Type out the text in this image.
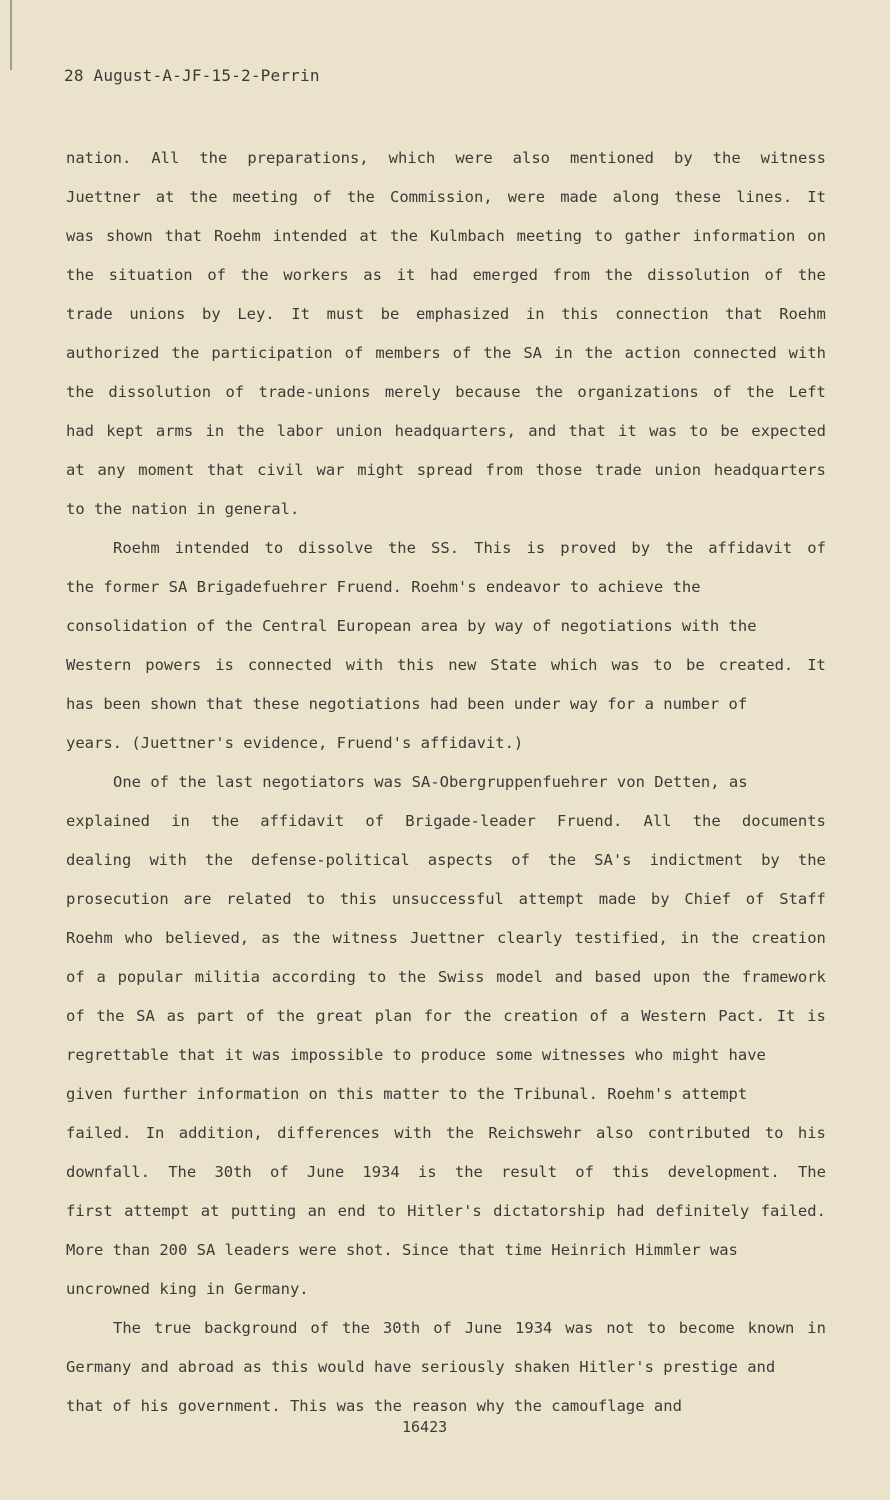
28 August-A-JF-15-2-Perrin
nation. All the preparations, which were also mentioned by the witness
Juettner at the meeting of the Commission, were made along these lines. It
was shown that Roehm intended at the Kulmbach meeting to gather information on
the situation of the workers as it had emerged from the dissolution of the
trade unions by Ley. It must be emphasized in this connection that Roehm
authorized the participation of members of the SA in the action connected with
the dissolution of trade-unions merely because the organizations of the Left
had kept arms in the labor union headquarters, and that it was to be expected
at any moment that civil war might spread from those trade union headquarters
to the nation in general.
Roehm intended to dissolve the SS. This is proved by the affidavit of
the former SA Brigadefuehrer Fruend. Roehm's endeavor to achieve the
consolidation of the Central European area by way of negotiations with the
Western powers is connected with this new State which was to be created. It
has been shown that these negotiations had been under way for a number of
years. (Juettner's evidence, Fruend's affidavit.)
One of the last negotiators was SA-Obergruppenfuehrer von Detten, as
explained in the affidavit of Brigade-leader Fruend. All the documents
dealing with the defense-political aspects of the SA's indictment by the
prosecution are related to this unsuccessful attempt made by Chief of Staff
Roehm who believed, as the witness Juettner clearly testified, in the creation
of a popular militia according to the Swiss model and based upon the framework
of the SA as part of the great plan for the creation of a Western Pact. It is
regrettable that it was impossible to produce some witnesses who might have
given further information on this matter to the Tribunal. Roehm's attempt
failed. In addition, differences with the Reichswehr also contributed to his
downfall. The 30th of June 1934 is the result of this development. The
first attempt at putting an end to Hitler's dictatorship had definitely failed.
More than 200 SA leaders were shot. Since that time Heinrich Himmler was
uncrowned king in Germany.
The true background of the 30th of June 1934 was not to become known in
Germany and abroad as this would have seriously shaken Hitler's prestige and
that of his government. This was the reason why the camouflage and
16423
